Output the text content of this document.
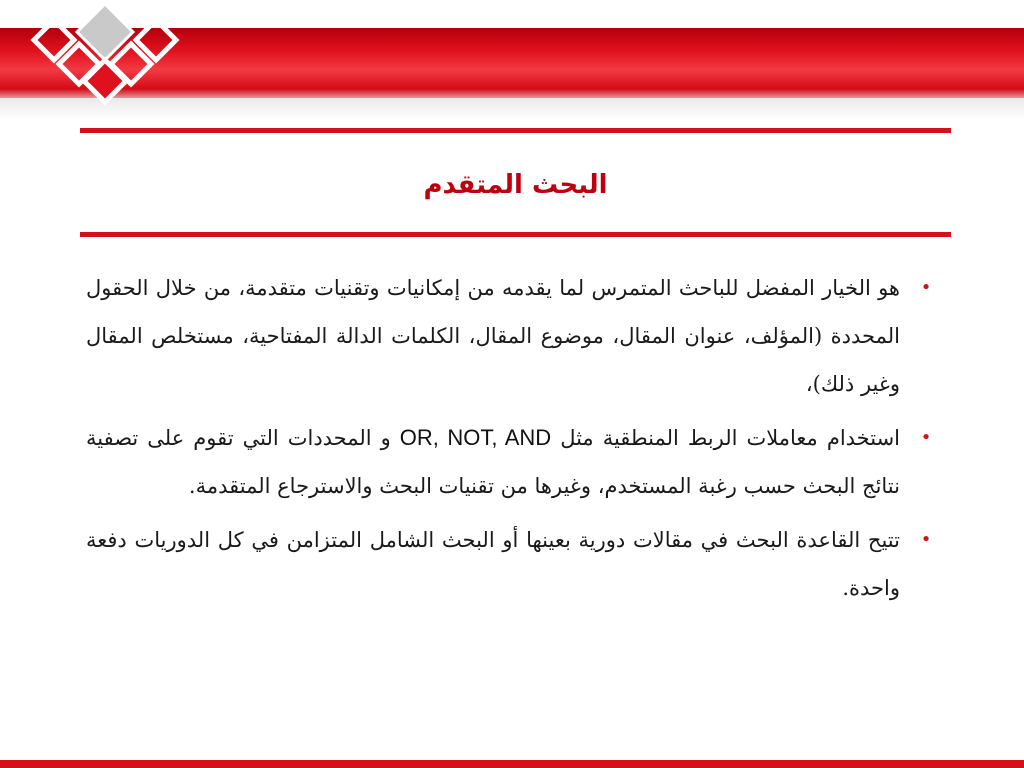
البحث المتقدم

•
هو الخيار المفضل للباحث المتمرس لما يقدمه من إمكانيات وتقنيات متقدمة، من خلال الحقول المحددة (المؤلف، عنوان المقال، موضوع المقال، الكلمات الدالة المفتاحية، مستخلص المقال وغير ذلك)،

•
استخدام معاملات الربط المنطقية مثل OR, NOT, AND و المحددات التي تقوم على تصفية نتائج البحث حسب رغبة المستخدم، وغيرها من تقنيات البحث والاسترجاع المتقدمة.

•
تتيح القاعدة البحث في مقالات دورية بعينها أو البحث الشامل المتزامن في كل الدوريات دفعة واحدة.
